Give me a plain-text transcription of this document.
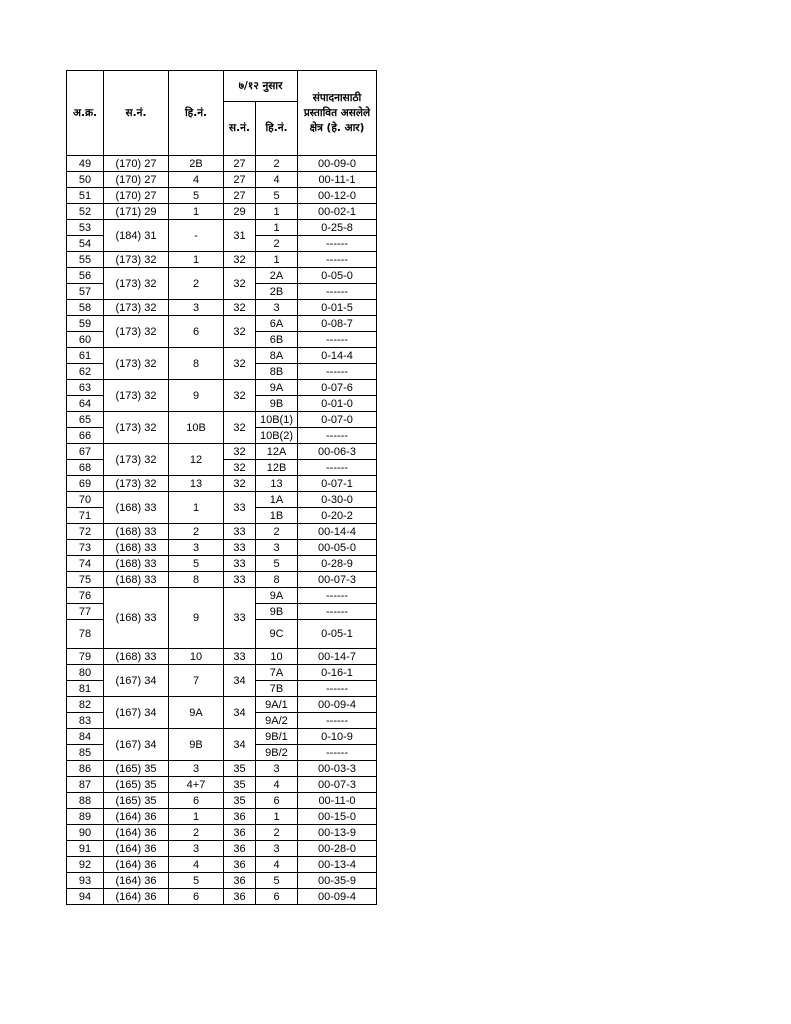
अ.क्र.	स.नं.	हि.नं.	७/१२ नुसार		संपादनासाठी प्रस्तावित असलेले क्षेत्र (हे. आर)
			स.नं.	हि.नं.	
49	(170) 27	2B	27	2	00-09-0
50	(170) 27	4	27	4	00-11-1
51	(170) 27	5	27	5	00-12-0
52	(171) 29	1	29	1	00-02-1
53	(184) 31	-	31	1	0-25-8
54				2	------
55	(173) 32	1	32	1	------
56	(173) 32	2	32	2A	0-05-0
57				2B	------
58	(173) 32	3	32	3	0-01-5
59	(173) 32	6	32	6A	0-08-7
60				6B	------
61	(173) 32	8	32	8A	0-14-4
62				8B	------
63	(173) 32	9	32	9A	0-07-6
64				9B	0-01-0
65	(173) 32	10B	32	10B(1)	0-07-0
66				10B(2)	------
67	(173) 32	12	32	12A	00-06-3
68			32	12B	------
69	(173) 32	13	32	13	0-07-1
70	(168) 33	1	33	1A	0-30-0
71				1B	0-20-2
72	(168) 33	2	33	2	00-14-4
73	(168) 33	3	33	3	00-05-0
74	(168) 33	5	33	5	0-28-9
75	(168) 33	8	33	8	00-07-3
76	(168) 33	9	33	9A	------
77				9B	------
78				9C	0-05-1
79	(168) 33	10	33	10	00-14-7
80	(167) 34	7	34	7A	0-16-1
81				7B	------
82	(167) 34	9A	34	9A/1	00-09-4
83				9A/2	------
84	(167) 34	9B	34	9B/1	0-10-9
85				9B/2	------
86	(165) 35	3	35	3	00-03-3
87	(165) 35	4+7	35	4	00-07-3
88	(165) 35	6	35	6	00-11-0
89	(164) 36	1	36	1	00-15-0
90	(164) 36	2	36	2	00-13-9
91	(164) 36	3	36	3	00-28-0
92	(164) 36	4	36	4	00-13-4
93	(164) 36	5	36	5	00-35-9
94	(164) 36	6	36	6	00-09-4
